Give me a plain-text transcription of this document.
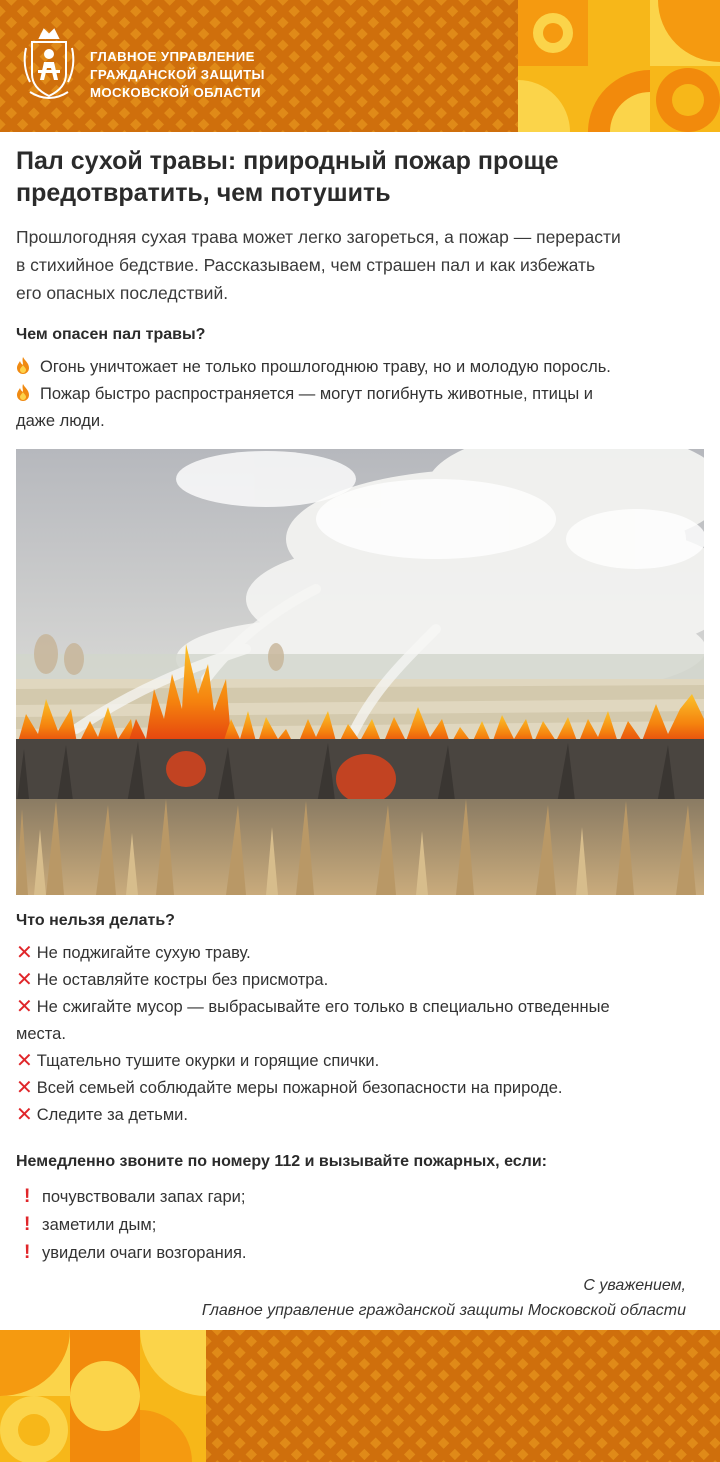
ГЛАВНОЕ УПРАВЛЕНИЕ
ГРАЖДАНСКОЙ ЗАЩИТЫ
МОСКОВСКОЙ ОБЛАСТИ
Пал сухой травы: природный пожар проще
предотвратить, чем потушить
Прошлогодняя сухая трава может легко загореться, а пожар — перерасти
в стихийное бедствие. Рассказываем, чем страшен пал и как избежать
его опасных последствий.
Чем опасен пал травы?
Огонь уничтожает не только прошлогоднюю траву, но и молодую поросль.
Пожар быстро распространяется — могут погибнуть животные, птицы и
даже люди.
Что нельзя делать?
✕ Не поджигайте сухую траву.
✕ Не оставляйте костры без присмотра.
✕ Не сжигайте мусор — выбрасывайте его только в специально отведенные
места.
✕ Тщательно тушите окурки и горящие спички.
✕ Всей семьей соблюдайте меры пожарной безопасности на природе.
✕ Следите за детьми.
Немедленно звоните по номеру 112 и вызывайте пожарных, если:
! почувствовали запах гари;
! заметили дым;
! увидели очаги возгорания.
С уважением,
Главное управление гражданской защиты Московской области
